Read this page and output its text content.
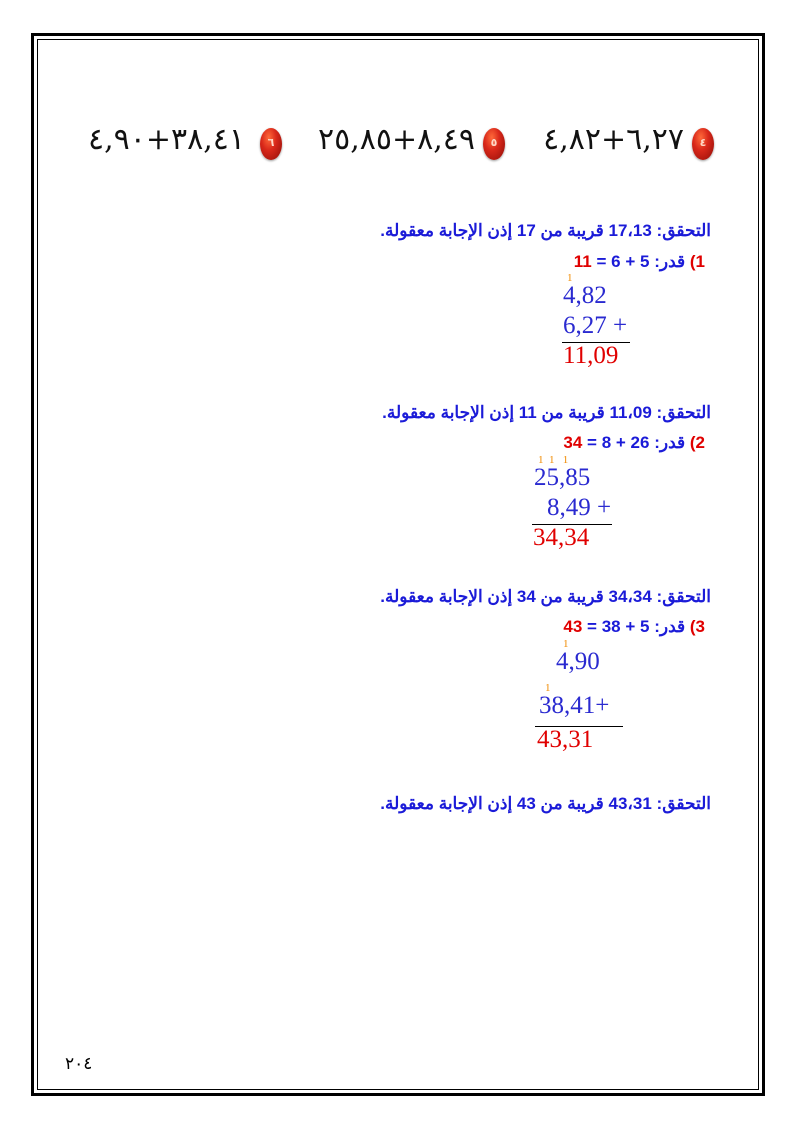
٤
٦,٢٧+٤,٨٢
٥
٨,٤٩+٢٥,٨٥
٦
٣٨,٤١+٤,٩٠
التحقق: 17،13 قريبة من 17 إذن الإجابة معقولة.
1) قدر: 5 + 6 = 11
1
4,82
6,27 +
11,09
التحقق: 11،09 قريبة من 11 إذن الإجابة معقولة.
2) قدر: 26 + 8 = 34
1  1   1
25,85
8,49 +
34,34
التحقق: 34،34 قريبة من 34 إذن الإجابة معقولة.
3) قدر: 5 + 38 = 43
1
4,90
1
38,41+
43,31
التحقق: 43،31 قريبة من 43 إذن الإجابة معقولة.
٢٠٤
